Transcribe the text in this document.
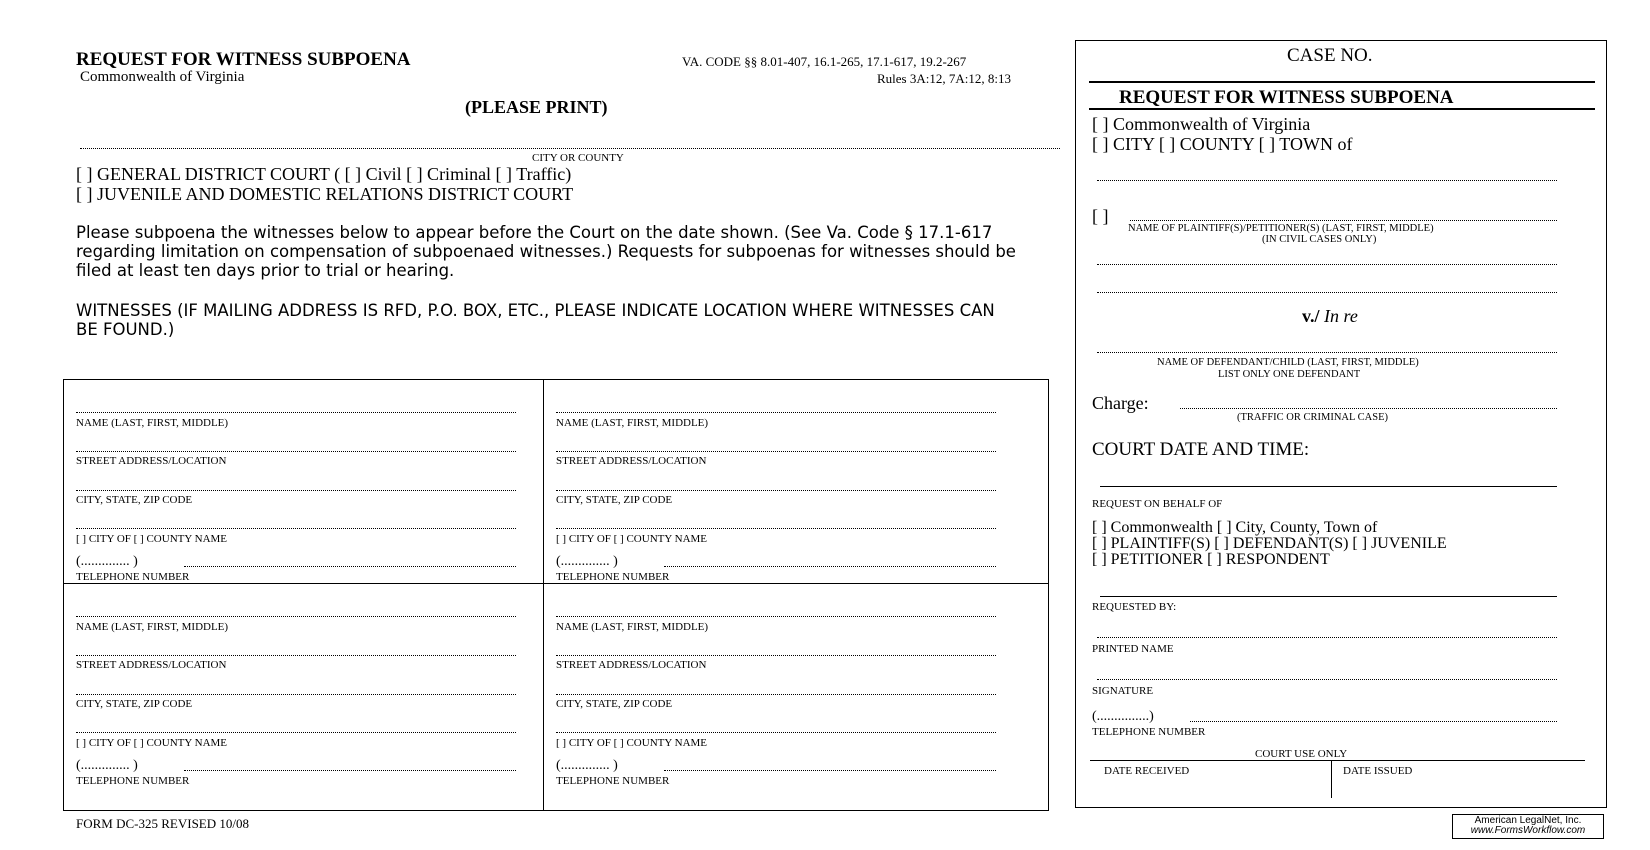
REQUEST FOR WITNESS SUBPOENA
Commonwealth of Virginia
VA. CODE §§ 8.01-407, 16.1-265, 17.1-617, 19.2-267
Rules 3A:12, 7A:12, 8:13
(PLEASE PRINT)
CITY OR COUNTY
[ ] GENERAL DISTRICT COURT ( [ ] Civil [ ] Criminal [ ] Traffic)
[ ] JUVENILE AND DOMESTIC RELATIONS DISTRICT COURT
Please subpoena the witnesses below to appear before the Court on the date shown. (See Va. Code § 17.1-617 regarding limitation on compensation of subpoenaed witnesses.) Requests for subpoenas for witnesses should be filed at least ten days prior to trial or hearing.
WITNESSES (IF MAILING ADDRESS IS RFD, P.O. BOX, ETC., PLEASE INDICATE LOCATION WHERE WITNESSES CAN BE FOUND.)
NAME (LAST, FIRST, MIDDLE)
STREET ADDRESS/LOCATION
CITY, STATE, ZIP CODE
[ ] CITY OF [ ] COUNTY NAME
(.............. )
TELEPHONE NUMBER
NAME (LAST, FIRST, MIDDLE)
STREET ADDRESS/LOCATION
CITY, STATE, ZIP CODE
[ ] CITY OF [ ] COUNTY NAME
(.............. )
TELEPHONE NUMBER
NAME (LAST, FIRST, MIDDLE)
STREET ADDRESS/LOCATION
CITY, STATE, ZIP CODE
[ ] CITY OF [ ] COUNTY NAME
(.............. )
TELEPHONE NUMBER
NAME (LAST, FIRST, MIDDLE)
STREET ADDRESS/LOCATION
CITY, STATE, ZIP CODE
[ ] CITY OF [ ] COUNTY NAME
(.............. )
TELEPHONE NUMBER
FORM DC-325 REVISED 10/08
CASE NO.
REQUEST FOR WITNESS SUBPOENA
[ ] Commonwealth of Virginia
[ ] CITY [ ] COUNTY [ ] TOWN of
[ ]
NAME OF PLAINTIFF(S)/PETITIONER(S) (LAST, FIRST, MIDDLE)
(IN CIVIL CASES ONLY)
v./ In re
NAME OF DEFENDANT/CHILD (LAST, FIRST, MIDDLE)
LIST ONLY ONE DEFENDANT
Charge:
(TRAFFIC OR CRIMINAL CASE)
COURT DATE AND TIME:
REQUEST ON BEHALF OF
[ ] Commonwealth [ ] City, County, Town of
[ ] PLAINTIFF(S) [ ] DEFENDANT(S) [ ] JUVENILE
[ ] PETITIONER [ ] RESPONDENT
REQUESTED BY:
PRINTED NAME
SIGNATURE
(...............)
TELEPHONE NUMBER
COURT USE ONLY
DATE RECEIVED	DATE ISSUED
American LegalNet, Inc.
www.FormsWorkflow.com
